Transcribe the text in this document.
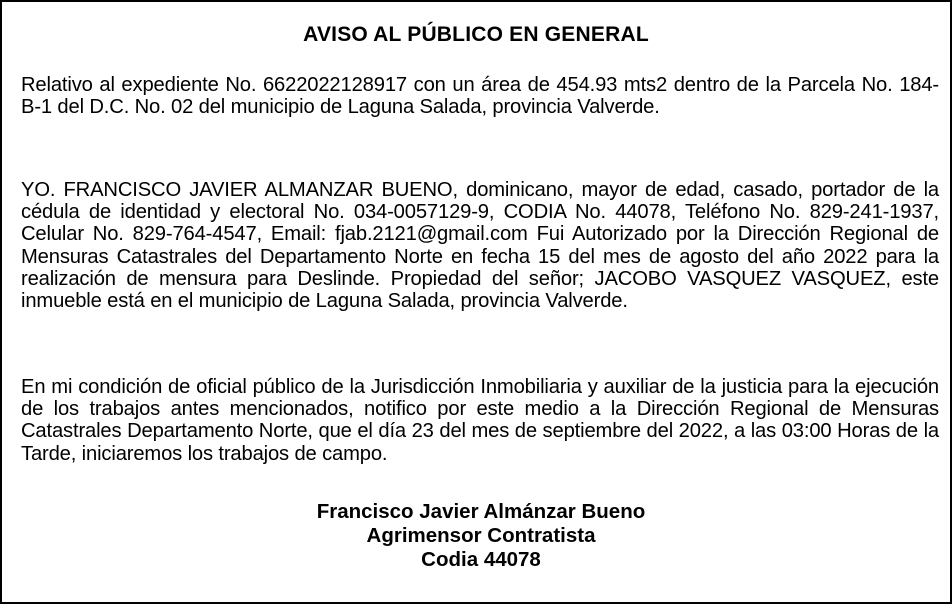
AVISO AL PÚBLICO EN GENERAL
Relativo al expediente No. 6622022128917 con un área de 454.93 mts2 dentro de la Parcela No. 184-B-1 del D.C. No. 02 del municipio de Laguna Salada, provincia Valverde.
YO. FRANCISCO JAVIER ALMANZAR BUENO, dominicano, mayor de edad, casado, portador de la cédula de identidad y electoral No. 034-0057129-9, CODIA No. 44078, Teléfono No. 829-241-1937, Celular No. 829-764-4547, Email: fjab.2121@gmail.com Fui Autorizado por la Dirección Regional de Mensuras Catastrales del Departamento Norte en fecha 15 del mes de agosto del año 2022 para la realización de mensura para Deslinde. Propiedad del señor; JACOBO VASQUEZ VASQUEZ, este inmueble está en el municipio de Laguna Salada, provincia Valverde.
En mi condición de oficial público de la Jurisdicción Inmobiliaria y auxiliar de la justicia para la ejecución de los trabajos antes mencionados, notifico por este medio a la Dirección Regional de Mensuras Catastrales Departamento Norte, que el día 23 del mes de septiembre del 2022, a las 03:00 Horas de la Tarde, iniciaremos los trabajos de campo.
Francisco Javier Almánzar Bueno
Agrimensor Contratista
Codia 44078
